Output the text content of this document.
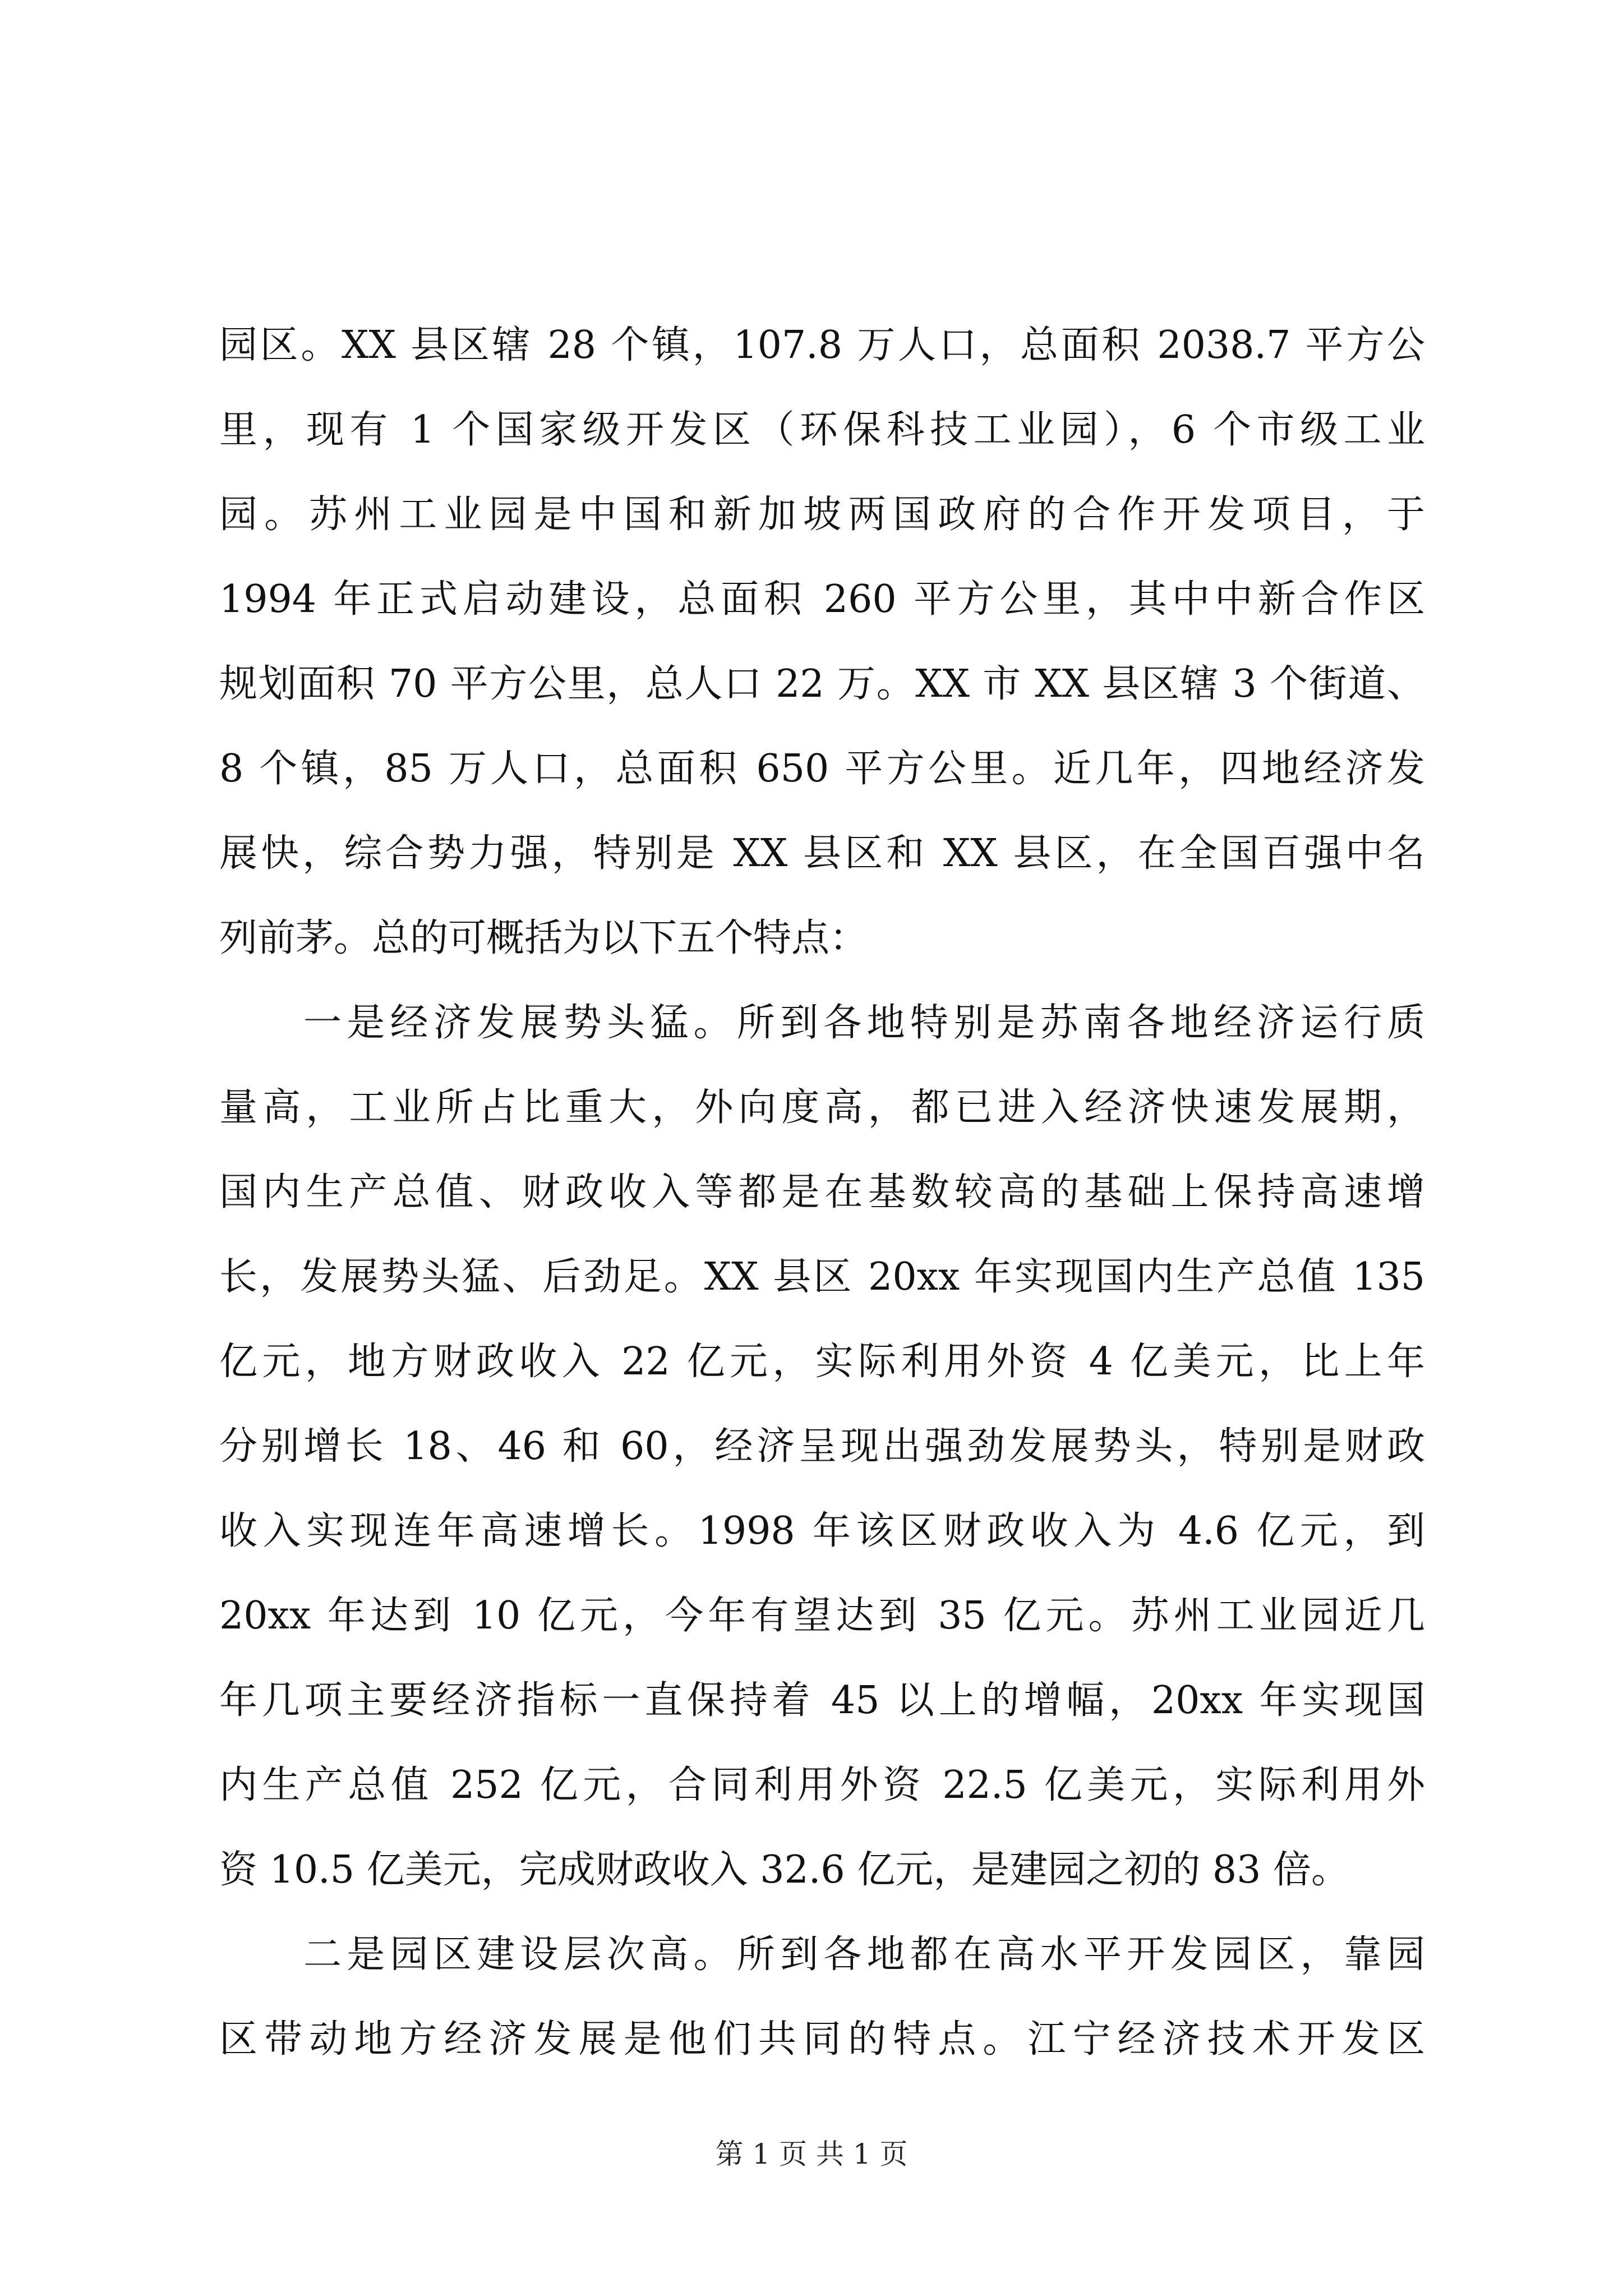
园区。XX 县区辖 28 个镇，107.8 万人口，总面积 2038.7 平方公
里，现有 1 个国家级开发区（环保科技工业园），6 个市级工业
园。苏州工业园是中国和新加坡两国政府的合作开发项目，于
1994 年正式启动建设，总面积 260 平方公里，其中中新合作区
规划面积 70 平方公里，总人口 22 万。XX 市 XX 县区辖 3 个街道、
8 个镇，85 万人口，总面积 650 平方公里。近几年，四地经济发
展快，综合势力强，特别是 XX 县区和 XX 县区，在全国百强中名
列前茅。总的可概括为以下五个特点：
一是经济发展势头猛。所到各地特别是苏南各地经济运行质
量高，工业所占比重大，外向度高，都已进入经济快速发展期，
国内生产总值、财政收入等都是在基数较高的基础上保持高速增
长，发展势头猛、后劲足。XX 县区 20xx 年实现国内生产总值 135
亿元，地方财政收入 22 亿元，实际利用外资 4 亿美元，比上年
分别增长 18、46 和 60，经济呈现出强劲发展势头，特别是财政
收入实现连年高速增长。1998 年该区财政收入为 4.6 亿元，到
20xx 年达到 10 亿元，今年有望达到 35 亿元。苏州工业园近几
年几项主要经济指标一直保持着 45 以上的增幅，20xx 年实现国
内生产总值 252 亿元，合同利用外资 22.5 亿美元，实际利用外
资 10.5 亿美元，完成财政收入 32.6 亿元，是建园之初的 83 倍。
二是园区建设层次高。所到各地都在高水平开发园区，靠园
区带动地方经济发展是他们共同的特点。江宁经济技术开发区
第 1 页 共 1 页
